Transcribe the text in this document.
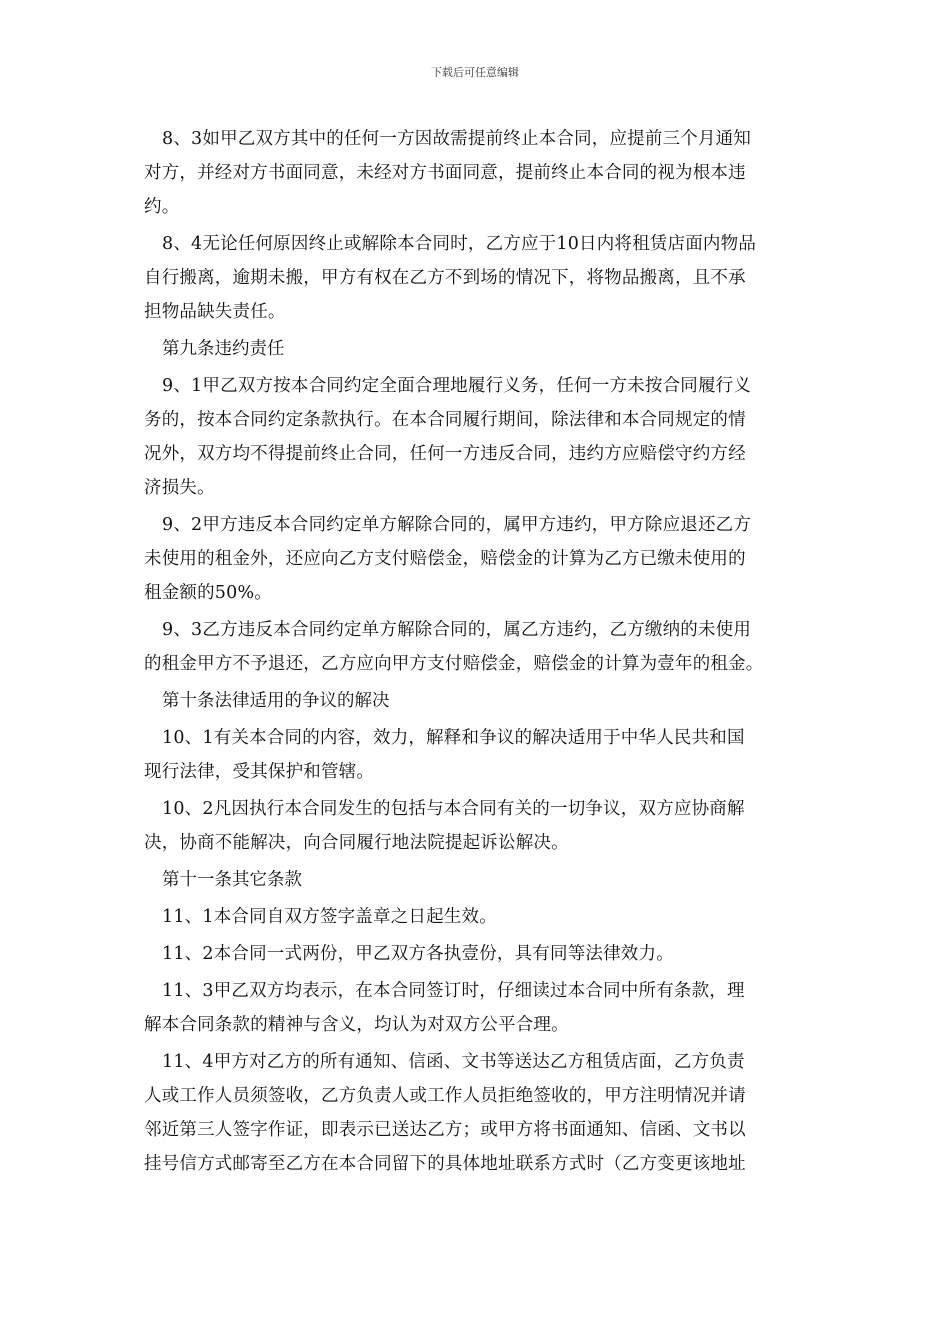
下载后可任意编辑
8、3如甲乙双方其中的任何一方因故需提前终止本合同，应提前三个月通知
对方，并经对方书面同意，未经对方书面同意，提前终止本合同的视为根本违
约。
8、4无论任何原因终止或解除本合同时，乙方应于10日内将租赁店面内物品
自行搬离，逾期未搬，甲方有权在乙方不到场的情况下，将物品搬离，且不承
担物品缺失责任。
第九条违约责任
9、1甲乙双方按本合同约定全面合理地履行义务，任何一方未按合同履行义
务的，按本合同约定条款执行。在本合同履行期间，除法律和本合同规定的情
况外，双方均不得提前终止合同，任何一方违反合同，违约方应赔偿守约方经
济损失。
9、2甲方违反本合同约定单方解除合同的，属甲方违约，甲方除应退还乙方
未使用的租金外，还应向乙方支付赔偿金，赔偿金的计算为乙方已缴未使用的
租金额的50%。
9、3乙方违反本合同约定单方解除合同的，属乙方违约，乙方缴纳的未使用
的租金甲方不予退还，乙方应向甲方支付赔偿金，赔偿金的计算为壹年的租金。
第十条法律适用的争议的解决
10、1有关本合同的内容，效力，解释和争议的解决适用于中华人民共和国
现行法律，受其保护和管辖。
10、2凡因执行本合同发生的包括与本合同有关的一切争议，双方应协商解
决，协商不能解决，向合同履行地法院提起诉讼解决。
第十一条其它条款
11、1本合同自双方签字盖章之日起生效。
11、2本合同一式两份，甲乙双方各执壹份，具有同等法律效力。
11、3甲乙双方均表示，在本合同签订时，仔细读过本合同中所有条款，理
解本合同条款的精神与含义，均认为对双方公平合理。
11、4甲方对乙方的所有通知、信函、文书等送达乙方租赁店面，乙方负责
人或工作人员须签收，乙方负责人或工作人员拒绝签收的，甲方注明情况并请
邻近第三人签字作证，即表示已送达乙方；或甲方将书面通知、信函、文书以
挂号信方式邮寄至乙方在本合同留下的具体地址联系方式时（乙方变更该地址
